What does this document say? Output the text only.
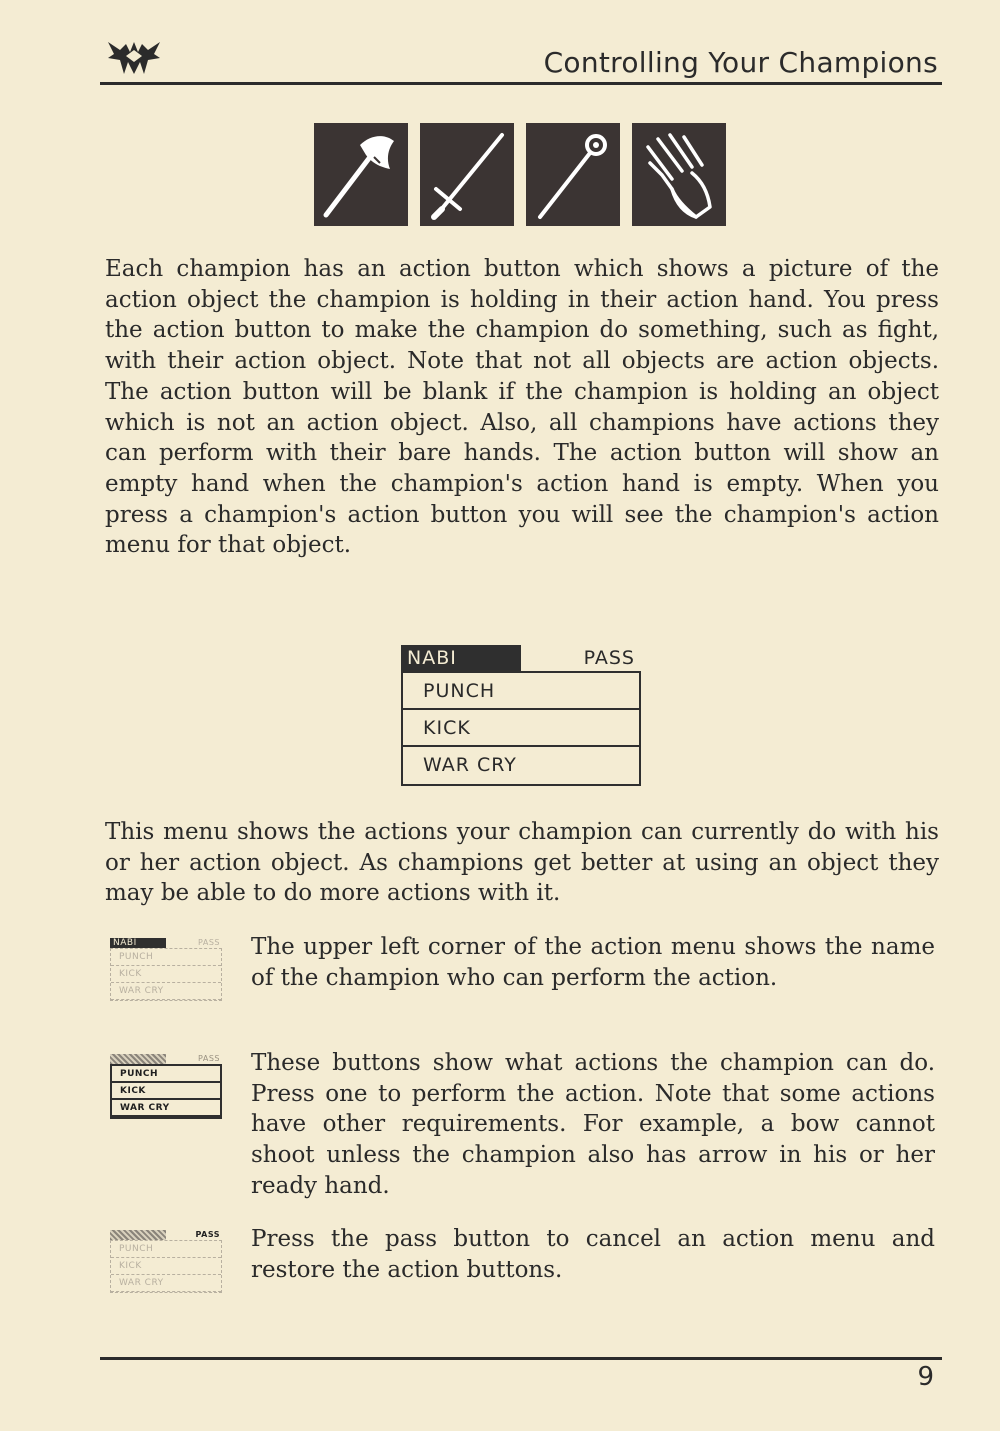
Controlling Your Champions

Each champion has an action button which shows a picture of the action object the champion is holding in their action hand. You press the action button to make the champion do something, such as fight, with their action object. Note that not all objects are action objects. The action button will be blank if the champion is holding an object which is not an action object. Also, all champions have actions they can perform with their bare hands. The action button will show an empty hand when the champion's action hand is empty. When you press a champion's action button you will see the champion's action menu for that object.

NABI	PASS
PUNCH
KICK
WAR CRY

This menu shows the actions your champion can currently do with his or her action object. As champions get better at using an object they may be able to do more actions with it.

NABI	PASS
PUNCH
KICK
WAR CRY

The upper left corner of the action menu shows the name of the champion who can perform the action.

PASS
PUNCH
KICK
WAR CRY

These buttons show what actions the champion can do. Press one to perform the action. Note that some actions have other requirements. For example, a bow cannot shoot unless the champion also has arrow in his or her ready hand.

PASS
PUNCH
KICK
WAR CRY

Press the pass button to cancel an action menu and restore the action buttons.

9
